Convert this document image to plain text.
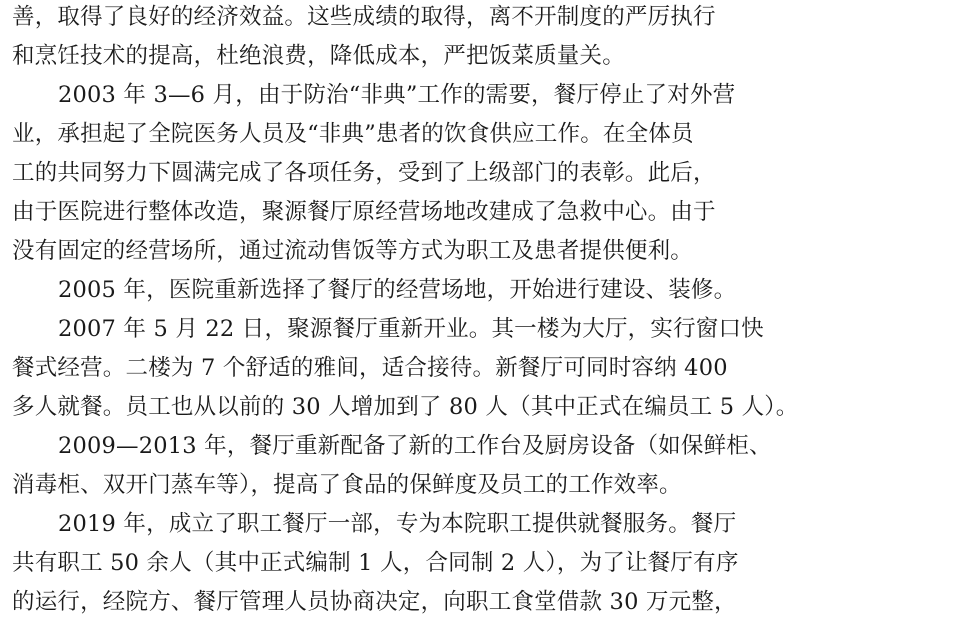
善，取得了良好的经济效益。这些成绩的取得，离不开制度的严厉执行
和烹饪技术的提高，杜绝浪费，降低成本，严把饭菜质量关。
2003 年 3—6 月，由于防治“非典”工作的需要，餐厅停止了对外营
业，承担起了全院医务人员及“非典”患者的饮食供应工作。在全体员
工的共同努力下圆满完成了各项任务，受到了上级部门的表彰。此后，
由于医院进行整体改造，聚源餐厅原经营场地改建成了急救中心。由于
没有固定的经营场所，通过流动售饭等方式为职工及患者提供便利。
2005 年，医院重新选择了餐厅的经营场地，开始进行建设、装修。
2007 年 5 月 22 日，聚源餐厅重新开业。其一楼为大厅，实行窗口快
餐式经营。二楼为 7 个舒适的雅间，适合接待。新餐厅可同时容纳 400
多人就餐。员工也从以前的 30 人增加到了 80 人（其中正式在编员工 5 人）。
2009—2013 年，餐厅重新配备了新的工作台及厨房设备（如保鲜柜、
消毒柜、双开门蒸车等），提高了食品的保鲜度及员工的工作效率。
2019 年，成立了职工餐厅一部，专为本院职工提供就餐服务。餐厅
共有职工 50 余人（其中正式编制 1 人，合同制 2 人），为了让餐厅有序
的运行，经院方、餐厅管理人员协商决定，向职工食堂借款 30 万元整，
